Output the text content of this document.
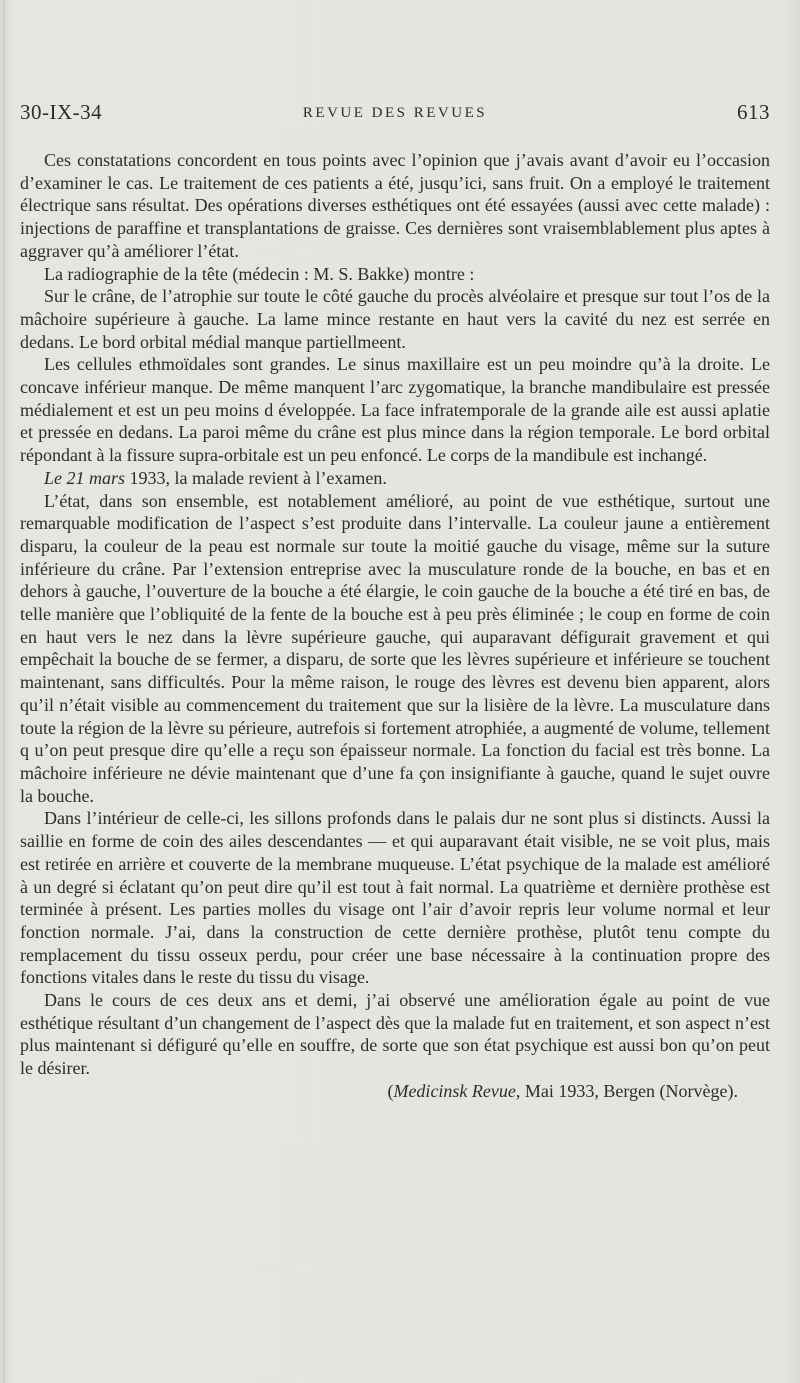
30-IX-34	REVUE DES REVUES	613

Ces constatations concordent en tous points avec l’opinion que j’avais avant d’avoir eu l’occasion d’examiner le cas. Le traitement de ces patients a été, jusqu’ici, sans fruit. On a employé le traitement électrique sans résultat. Des opérations diverses esthétiques ont été essayées (aussi avec cette malade) : injections de paraffine et transplantations de graisse. Ces dernières sont vraisemblablement plus aptes à aggraver qu’à améliorer l’état.

La radiographie de la tête (médecin : M. S. Bakke) montre :

Sur le crâne, de l’atrophie sur toute le côté gauche du procès alvéolaire et presque sur tout l’os de la mâchoire supérieure à gauche. La lame mince restante en haut vers la cavité du nez est serrée en dedans. Le bord orbital médial manque partiellmeent.

Les cellules ethmoïdales sont grandes. Le sinus maxillaire est un peu moindre qu’à la droite. Le concave inférieur manque. De même manquent l’arc zygomatique, la branche mandibulaire est pressée médialement et est un peu moins d éveloppée. La face infratemporale de la grande aile est aussi aplatie et pressée en dedans. La paroi même du crâne est plus mince dans la région temporale. Le bord orbital répondant à la fissure supra-orbitale est un peu enfoncé. Le corps de la mandibule est inchangé.

Le 21 mars 1933, la malade revient à l’examen.

L’état, dans son ensemble, est notablement amélioré, au point de vue esthétique, surtout une remarquable modification de l’aspect s’est produite dans l’intervalle. La couleur jaune a entièrement disparu, la couleur de la peau est normale sur toute la moitié gauche du visage, même sur la suture inférieure du crâne. Par l’extension entreprise avec la musculature ronde de la bouche, en bas et en dehors à gauche, l’ouverture de la bouche a été élargie, le coin gauche de la bouche a été tiré en bas, de telle manière que l’obliquité de la fente de la bouche est à peu près éliminée ; le coup en forme de coin en haut vers le nez dans la lèvre supérieure gauche, qui auparavant défigurait gravement et qui empêchait la bouche de se fermer, a disparu, de sorte que les lèvres supérieure et inférieure se touchent maintenant, sans difficultés. Pour la même raison, le rouge des lèvres est devenu bien apparent, alors qu’il n’était visible au commencement du traitement que sur la lisière de la lèvre. La musculature dans toute la région de la lèvre su périeure, autrefois si fortement atrophiée, a augmenté de volume, tellement q u’on peut presque dire qu’elle a reçu son épaisseur normale. La fonction du facial est très bonne. La mâchoire inférieure ne dévie maintenant que d’une fa çon insignifiante à gauche, quand le sujet ouvre la bouche.

Dans l’intérieur de celle-ci, les sillons profonds dans le palais dur ne sont plus si distincts. Aussi la saillie en forme de coin des ailes descendantes — et qui auparavant était visible, ne se voit plus, mais est retirée en arrière et couverte de la membrane muqueuse. L’état psychique de la malade est amélioré à un degré si éclatant qu’on peut dire qu’il est tout à fait normal. La quatrième et dernière prothèse est terminée à présent. Les parties molles du visage ont l’air d’avoir repris leur volume normal et leur fonction normale. J’ai, dans la construction de cette dernière prothèse, plutôt tenu compte du remplacement du tissu osseux perdu, pour créer une base nécessaire à la continuation propre des fonctions vitales dans le reste du tissu du visage.

Dans le cours de ces deux ans et demi, j’ai observé une amélioration égale au point de vue esthétique résultant d’un changement de l’aspect dès que la malade fut en traitement, et son aspect n’est plus maintenant si défiguré qu’elle en souffre, de sorte que son état psychique est aussi bon qu’on peut le désirer.

(Medicinsk Revue, Mai 1933, Bergen (Norvège).
